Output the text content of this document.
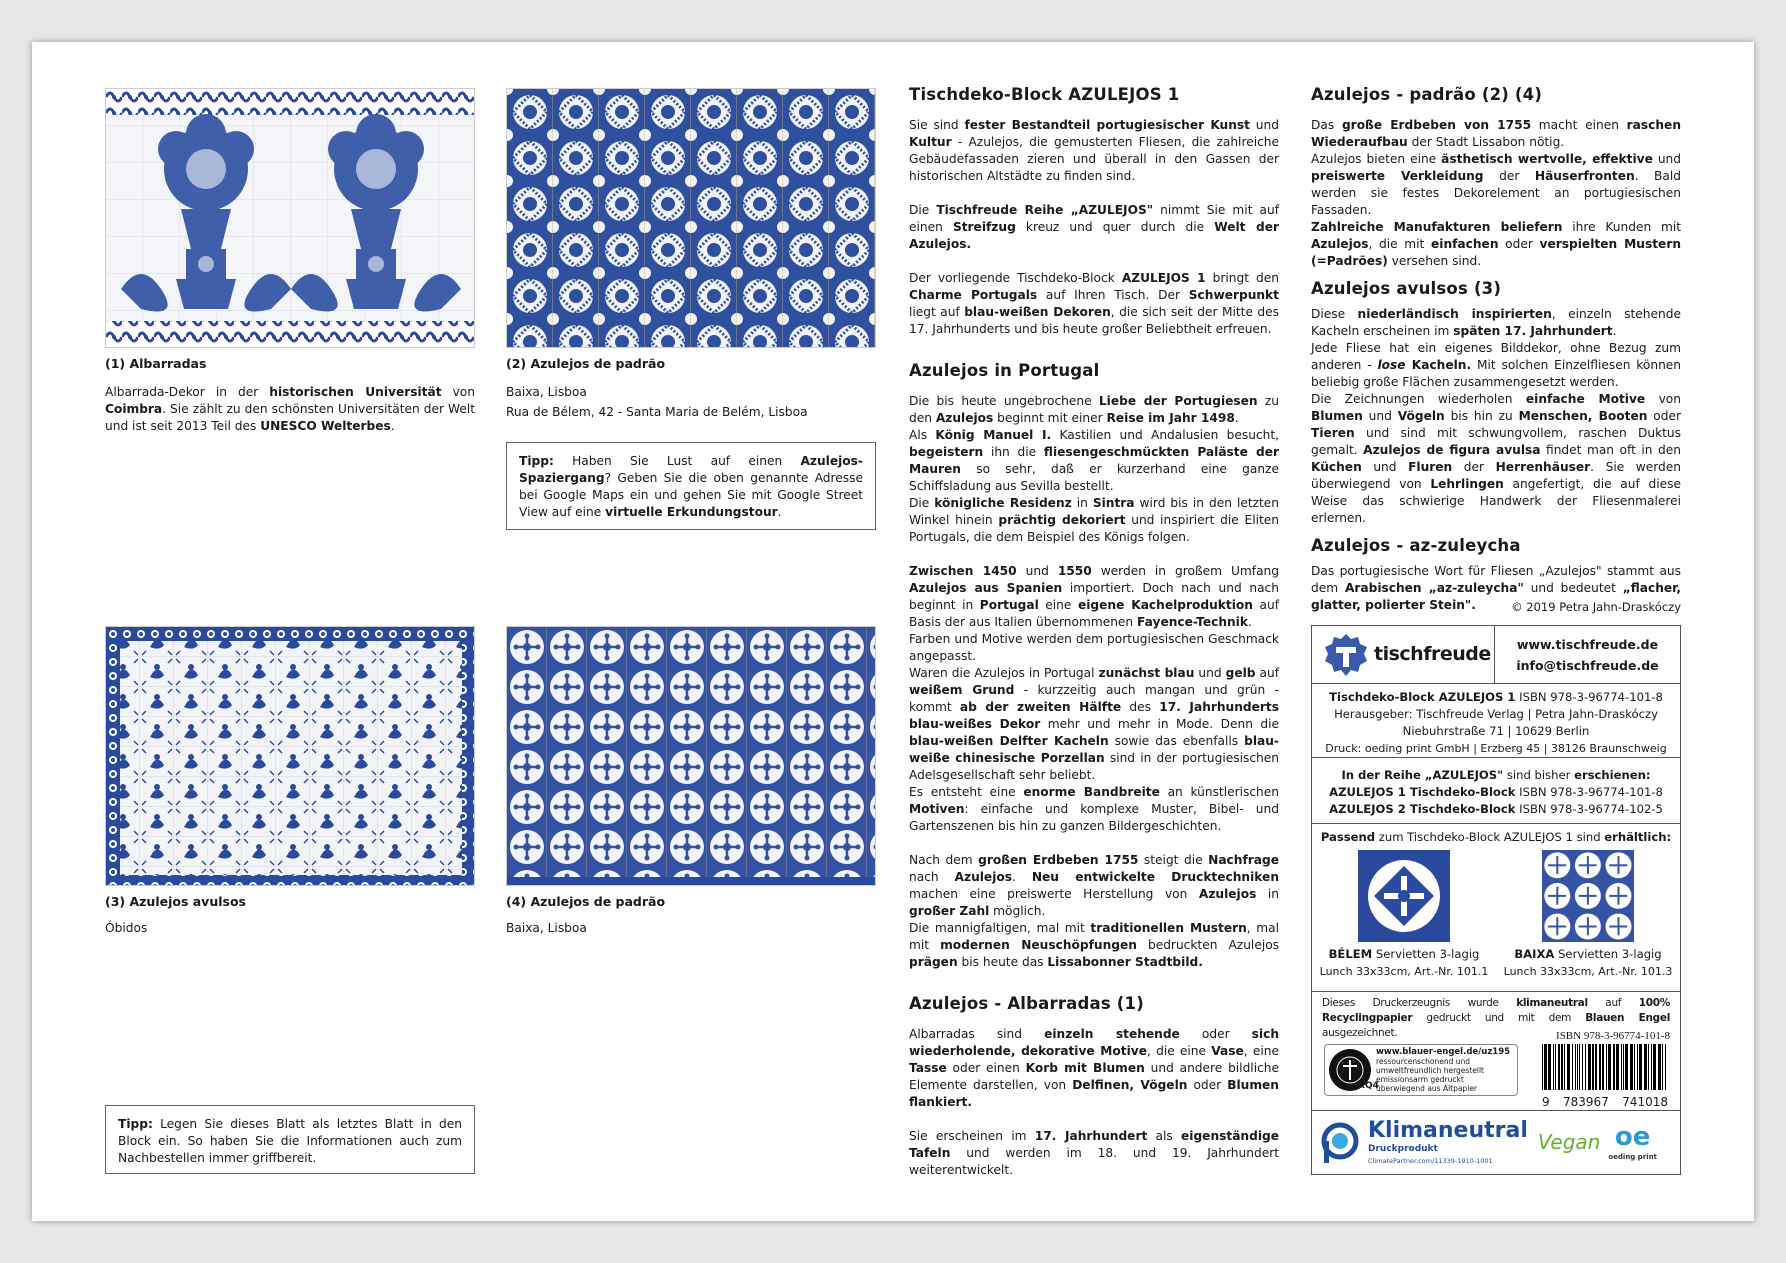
(1) Albarradas
Albarrada-Dekor in der historischen Universität von Coimbra. Sie zählt zu den schönsten Universitäten der Welt und ist seit 2013 Teil des UNESCO Welterbes.
(2) Azulejos de padrão
Baixa, Lisboa
Rua de Bélem, 42 - Santa Maria de Belém, Lisboa
Tipp: Haben Sie Lust auf einen Azulejos-Spaziergang? Geben Sie die oben genannte Adresse bei Google Maps ein und gehen Sie mit Google Street View auf eine virtuelle Erkundungstour.
(3) Azulejos avulsos
Óbidos
(4) Azulejos de padrão
Baixa, Lisboa
Tipp: Legen Sie dieses Blatt als letztes Blatt in den Block ein. So haben Sie die Informationen auch zum Nachbestellen immer griffbereit.
Tischdeko-Block AZULEJOS 1

Sie sind fester Bestandteil portugiesischer Kunst und Kultur - Azulejos, die gemusterten Fliesen, die zahlreiche Gebäudefassaden zieren und überall in den Gassen der historischen Altstädte zu finden sind.

Die Tischfreude Reihe „AZULEJOS" nimmt Sie mit auf einen Streifzug kreuz und quer durch die Welt der Azulejos.

Der vorliegende Tischdeko-Block AZULEJOS 1 bringt den Charme Portugals auf Ihren Tisch. Der Schwerpunkt liegt auf blau-weißen Dekoren, die sich seit der Mitte des 17. Jahrhunderts und bis heute großer Beliebtheit erfreuen.

Azulejos in Portugal

Die bis heute ungebrochene Liebe der Portugiesen zu den Azulejos beginnt mit einer Reise im Jahr 1498.

Als König Manuel I. Kastilien und Andalusien besucht, begeistern ihn die fliesengeschmückten Paläste der Mauren so sehr, daß er kurzerhand eine ganze Schiffsladung aus Sevilla bestellt.

Die königliche Residenz in Sintra wird bis in den letzten Winkel hinein prächtig dekoriert und inspiriert die Eliten Portugals, die dem Beispiel des Königs folgen.

Zwischen 1450 und 1550 werden in großem Umfang Azulejos aus Spanien importiert. Doch nach und nach beginnt in Portugal eine eigene Kachelproduktion auf Basis der aus Italien übernommenen Fayence-Technik.

Farben und Motive werden dem portugiesischen Geschmack angepasst.

Waren die Azulejos in Portugal zunächst blau und gelb auf weißem Grund - kurzzeitig auch mangan und grün - kommt ab der zweiten Hälfte des 17. Jahrhunderts blau-weißes Dekor mehr und mehr in Mode. Denn die blau-weißen Delfter Kacheln sowie das ebenfalls blau-weiße chinesische Porzellan sind in der portugiesischen Adelsgesellschaft sehr beliebt.

Es entsteht eine enorme Bandbreite an künstlerischen Motiven: einfache und komplexe Muster, Bibel- und Gartenszenen bis hin zu ganzen Bildergeschichten.

Nach dem großen Erdbeben 1755 steigt die Nachfrage nach Azulejos. Neu entwickelte Drucktechniken machen eine preiswerte Herstellung von Azulejos in großer Zahl möglich.

Die mannigfaltigen, mal mit traditionellen Mustern, mal mit modernen Neuschöpfungen bedruckten Azulejos prägen bis heute das Lissabonner Stadtbild.

Azulejos - Albarradas (1)

Albarradas sind einzeln stehende oder sich wiederholende, dekorative Motive, die eine Vase, eine Tasse oder einen Korb mit Blumen und andere bildliche Elemente darstellen, von Delfinen, Vögeln oder Blumen flankiert.

Sie erscheinen im 17. Jahrhundert als eigenständige Tafeln und werden im 18. und 19. Jahrhundert weiterentwickelt.

Azulejos - padrão (2) (4)

Das große Erdbeben von 1755 macht einen raschen Wiederaufbau der Stadt Lissabon nötig.

Azulejos bieten eine ästhetisch wertvolle, effektive und preiswerte Verkleidung der Häuserfronten. Bald werden sie festes Dekorelement an portugiesischen Fassaden.

Zahlreiche Manufakturen beliefern ihre Kunden mit Azulejos, die mit einfachen oder verspielten Mustern (=Padrões) versehen sind.

Azulejos avulsos (3)

Diese niederländisch inspirierten, einzeln stehende Kacheln erscheinen im späten 17. Jahrhundert.

Jede Fliese hat ein eigenes Bilddekor, ohne Bezug zum anderen - lose Kacheln. Mit solchen Einzelfliesen können beliebig große Flächen zusammengesetzt werden.

Die Zeichnungen wiederholen einfache Motive von Blumen und Vögeln bis hin zu Menschen, Booten oder Tieren und sind mit schwungvollem, raschen Duktus gemalt. Azulejos de figura avulsa findet man oft in den Küchen und Fluren der Herrenhäuser. Sie werden überwiegend von Lehrlingen angefertigt, die auf diese Weise das schwierige Handwerk der Fliesenmalerei erlernen.

Azulejos - az-zuleycha

Das portugiesische Wort für Fliesen „Azulejos" stammt aus dem Arabischen „az-zuleycha" und bedeutet „flacher, glatter, polierter Stein".	© 2019 Petra Jahn-Draskóczy
tischfreude www.tischfreude.de
info@tischfreude.de
Tischdeko-Block AZULEJOS 1 ISBN 978-3-96774-101-8
Herausgeber: Tischfreude Verlag | Petra Jahn-Draskóczy
Niebuhrstraße 71 | 10629 Berlin
Druck: oeding print GmbH | Erzberg 45 | 38126 Braunschweig
In der Reihe „AZULEJOS" sind bisher erschienen:
AZULEJOS 1 Tischdeko-Block ISBN 978-3-96774-101-8
AZULEJOS 2 Tischdeko-Block ISBN 978-3-96774-102-5
Passend zum Tischdeko-Block AZULEJOS 1 sind erhältlich:
BÉLEM Servietten 3-lagig
Lunch 33x33cm, Art.-Nr. 101.1
BAIXA Servietten 3-lagig
Lunch 33x33cm, Art.-Nr. 101.3
Dieses Druckerzeugnis wurde klimaneutral auf 100% Recyclingpapier gedruckt und mit dem Blauen Engel ausgezeichnet.	ISBN 978-3-96774-101-8
XQ4
www.blauer-engel.de/uz195
ressourcenschonend und umweltfreundlich hergestellt
emissionsarm gedruckt
überwiegend aus Altpapier
9 783967 741018
Klimaneutral
Druckprodukt
ClimatePartner.com/11339-1910-1001
Vegan oe
oeding print
